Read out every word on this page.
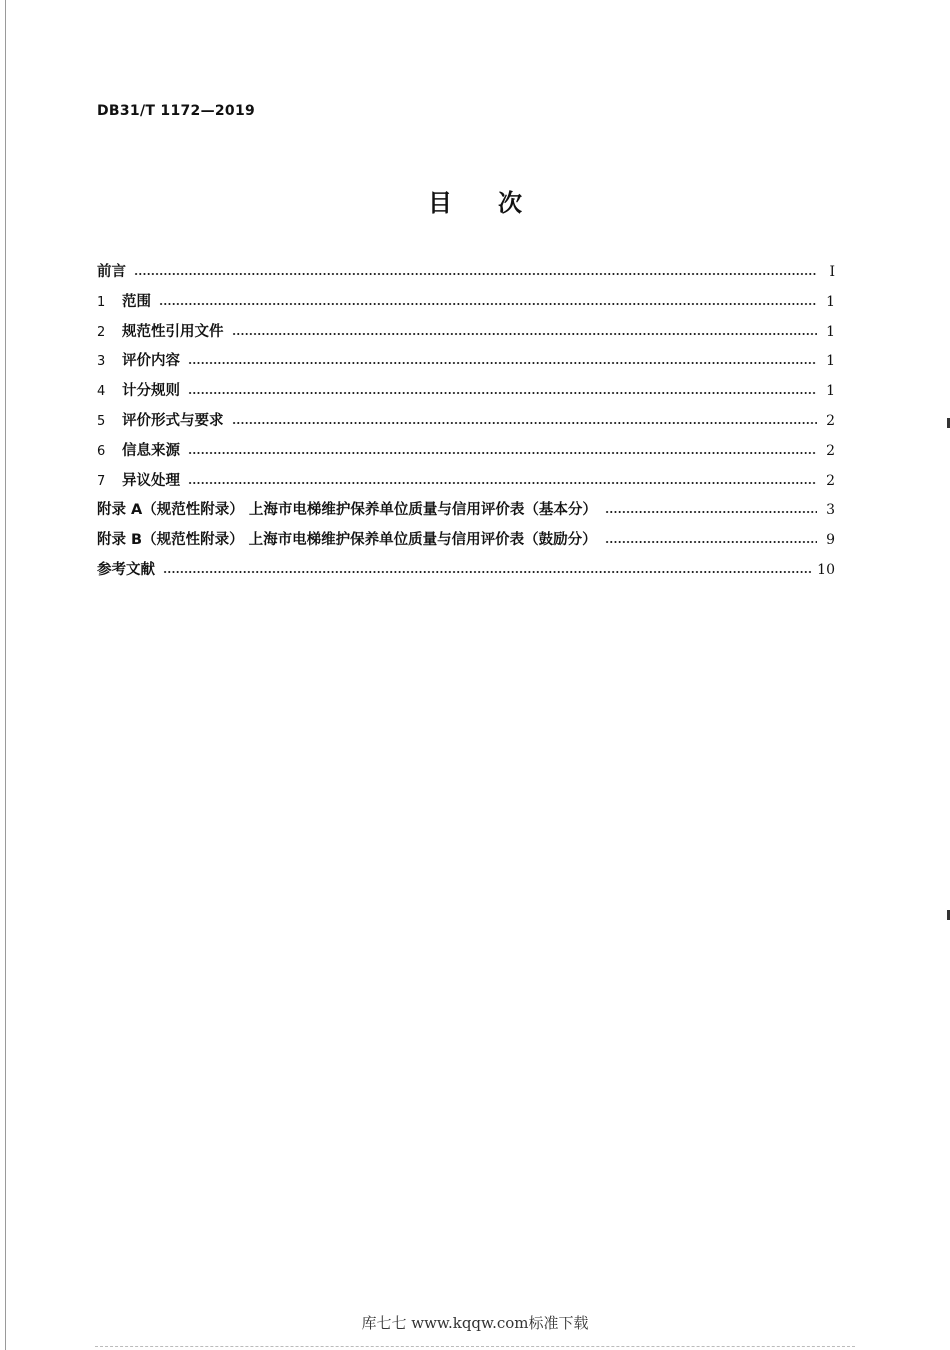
DB31/T 1172—2019
目 次
前言	Ⅰ
1	范围	1
2	规范性引用文件	1
3	评价内容	1
4	计分规则	1
5	评价形式与要求	2
6	信息来源	2
7	异议处理	2
附录 A（规范性附录） 上海市电梯维护保养单位质量与信用评价表（基本分）	3
附录 B（规范性附录） 上海市电梯维护保养单位质量与信用评价表（鼓励分）	9
参考文献	10
库七七 www.kqqw.com标准下载
